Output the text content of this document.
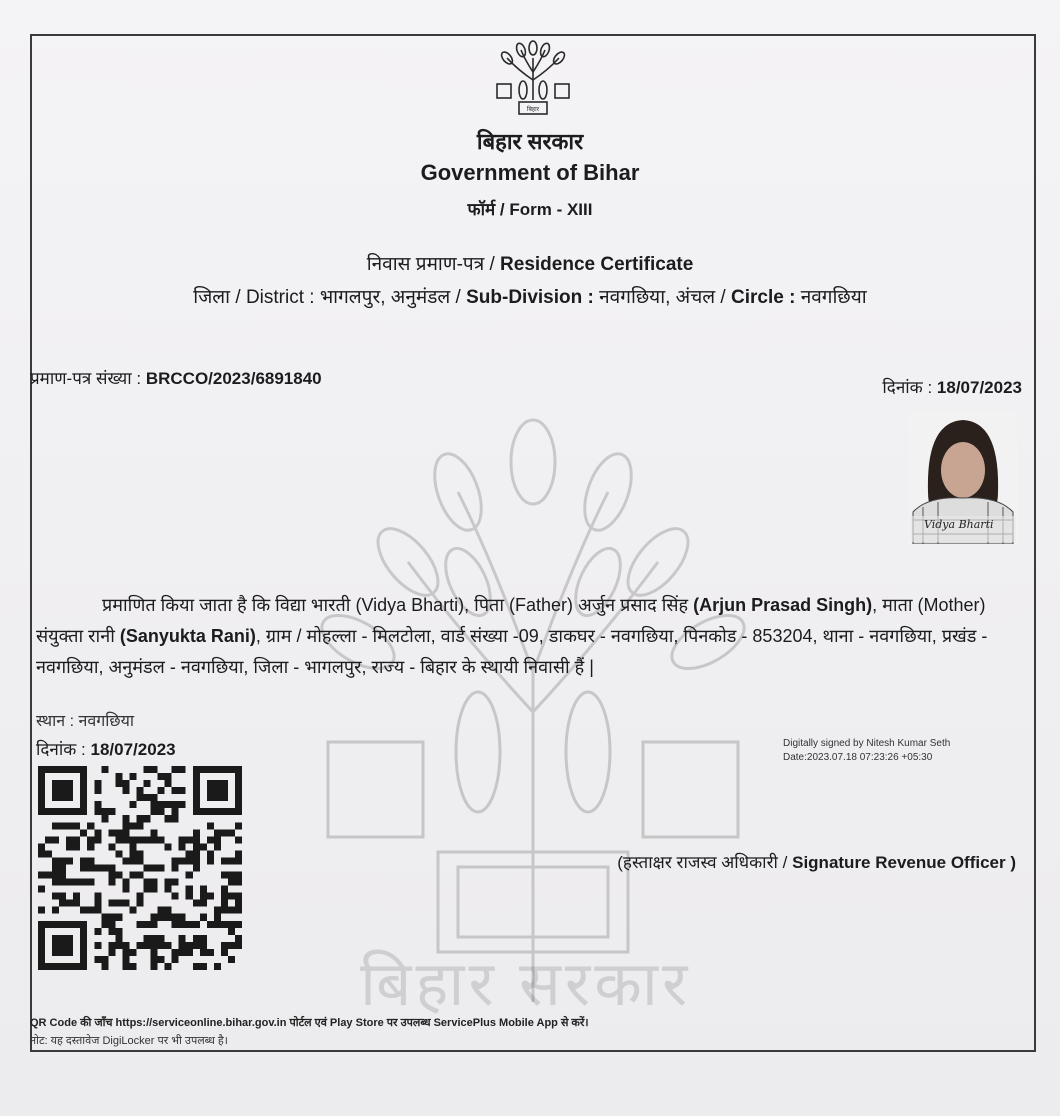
बिहार सरकार
बिहार
बिहार सरकार
Government of Bihar
फॉर्म / Form - XIII
निवास प्रमाण-पत्र / Residence Certificate
जिला / District : भागलपुर, अनुमंडल / Sub-Division : नवगछिया, अंचल / Circle : नवगछिया
प्रमाण-पत्र संख्या : BRCCO/2023/6891840	दिनांक : 18/07/2023
Vidya Bharti
प्रमाणित किया जाता है कि विद्या भारती (Vidya Bharti), पिता (Father) अर्जुन प्रसाद सिंह (Arjun Prasad Singh), माता (Mother) संयुक्ता रानी (Sanyukta Rani), ग्राम / मोहल्ला - मिलटोला, वार्ड संख्या -09, डाकघर - नवगछिया, पिनकोड - 853204, थाना - नवगछिया, प्रखंड - नवगछिया, अनुमंडल - नवगछिया, जिला - भागलपुर, राज्य - बिहार के स्थायी निवासी हैं |
स्थान : नवगछिया
दिनांक : 18/07/2023	Digitally signed by Nitesh Kumar Seth
Date:2023.07.18 07:23:26 +05:30
(हस्ताक्षर राजस्व अधिकारी / Signature Revenue Officer )
QR Code की जाँच https://serviceonline.bihar.gov.in पोर्टल एवं Play Store पर उपलब्ध ServicePlus Mobile App से करें।
नोट: यह दस्तावेज DigiLocker पर भी उपलब्ध है।
